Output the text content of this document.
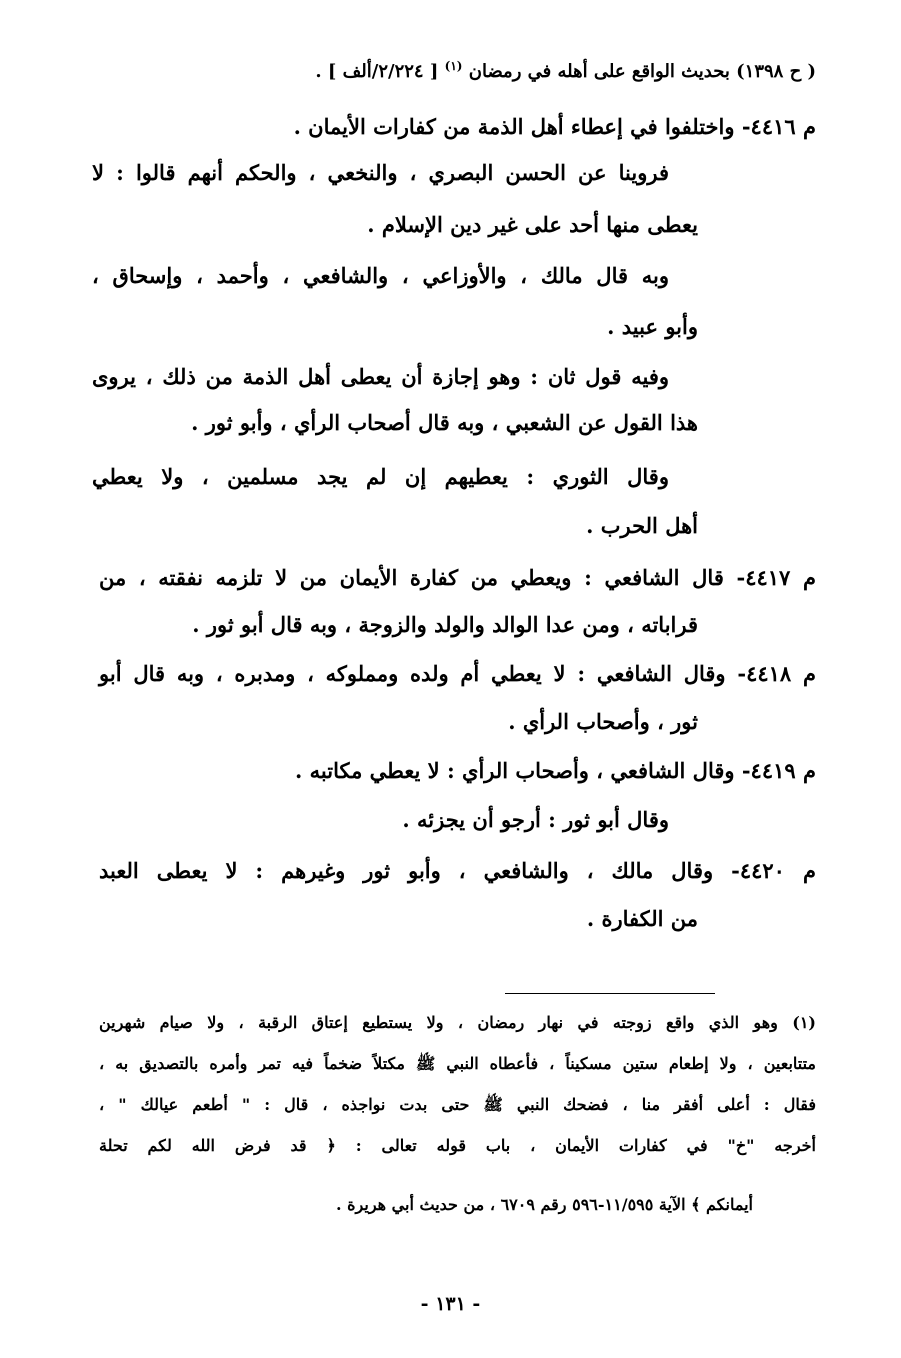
( ح ١٣٩٨) بحديث الواقع على أهله في رمضان $^{(١)}$ [ ٢/٢٢٤/ألف ] .
م ٤٤١٦- واختلفوا في إعطاء أهل الذمة من كفارات الأيمان .
فروينا عن الحسن البصري ، والنخعي ، والحكم أنهم قالوا : لا
يعطى منها أحد على غير دين الإسلام .
وبه قال مالك ، والأوزاعي ، والشافعي ، وأحمد ، وإسحاق ،
وأبو عبيد .
وفيه قول ثان : وهو إجازة أن يعطى أهل الذمة من ذلك ، يروى
هذا القول عن الشعبي ، وبه قال أصحاب الرأي ، وأبو ثور .
وقال الثوري : يعطيهم إن لم يجد مسلمين ، ولا يعطي
أهل الحرب .
م ٤٤١٧- قال الشافعي : ويعطي من كفارة الأيمان من لا تلزمه نفقته ، من
قراباته ، ومن عدا الوالد والولد والزوجة ، وبه قال أبو ثور .
م ٤٤١٨- وقال الشافعي : لا يعطي أم ولده ومملوكه ، ومدبره ، وبه قال أبو
ثور ، وأصحاب الرأي .
م ٤٤١٩- وقال الشافعي ، وأصحاب الرأي : لا يعطي مكاتبه .
وقال أبو ثور : أرجو أن يجزئه .
م ٤٤٢٠- وقال مالك ، والشافعي ، وأبو ثور وغيرهم : لا يعطى العبد
من الكفارة .
(١) وهو الذي واقع زوجته في نهار رمضان ، ولا يستطيع إعتاق الرقبة ، ولا صيام شهرين
متتابعين ، ولا إطعام ستين مسكيناً ، فأعطاه النبي ﷺ مكتلاً ضخماً فيه تمر وأمره بالتصديق به ،
فقال : أعلى أفقر منا ، فضحك النبي ﷺ حتى بدت نواجذه ، قال : " أطعم عيالك " ،
أخرجه "خ" في كفارات الأيمان ، باب قوله تعالى : ﴿ قد فرض الله لكم تحلة
أيمانكم ﴾ الآية ١١/٥٩٥-٥٩٦ رقم ٦٧٠٩ ، من حديث أبي هريرة .
- ١٣١ -
